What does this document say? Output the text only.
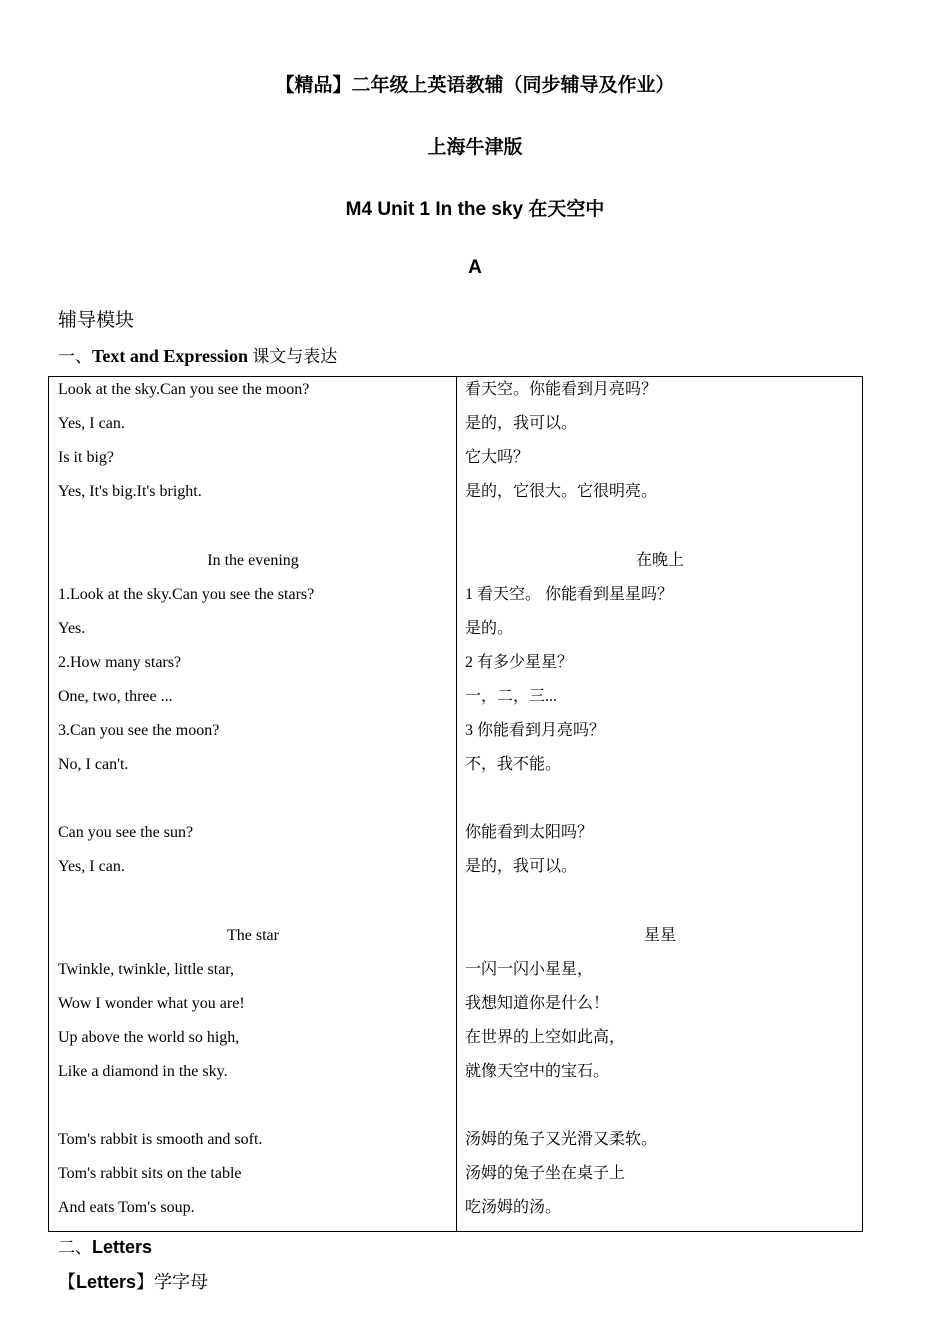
【精品】二年级上英语教辅（同步辅导及作业）
上海牛津版
M4 Unit 1 In the sky 在天空中
A
辅导模块
一、Text and Expression 课文与表达
Look at the sky.Can you see the moon?
Yes, I can.
Is it big?
Yes, It's big.It's bright.
In the evening
1.Look at the sky.Can you see the stars?
Yes.
2.How many stars?
One, two, three ...
3.Can you see the moon?
No, I can't.
Can you see the sun?
Yes, I can.
The star
Twinkle, twinkle, little star,
Wow I wonder what you are!
Up above the world so high,
Like a diamond in the sky.
Tom's rabbit is smooth and soft.
Tom's rabbit sits on the table
And eats Tom's soup.
看天空。你能看到月亮吗？
是的，我可以。
它大吗？
是的，它很大。它很明亮。
在晚上
1 看天空。 你能看到星星吗？
是的。
2 有多少星星？
一，二，三...
3 你能看到月亮吗？
不，我不能。
你能看到太阳吗？
是的，我可以。
星星
一闪一闪小星星，
我想知道你是什么！
在世界的上空如此高，
就像天空中的宝石。
汤姆的兔子又光滑又柔软。
汤姆的兔子坐在桌子上
吃汤姆的汤。
二、Letters
【Letters】学字母
